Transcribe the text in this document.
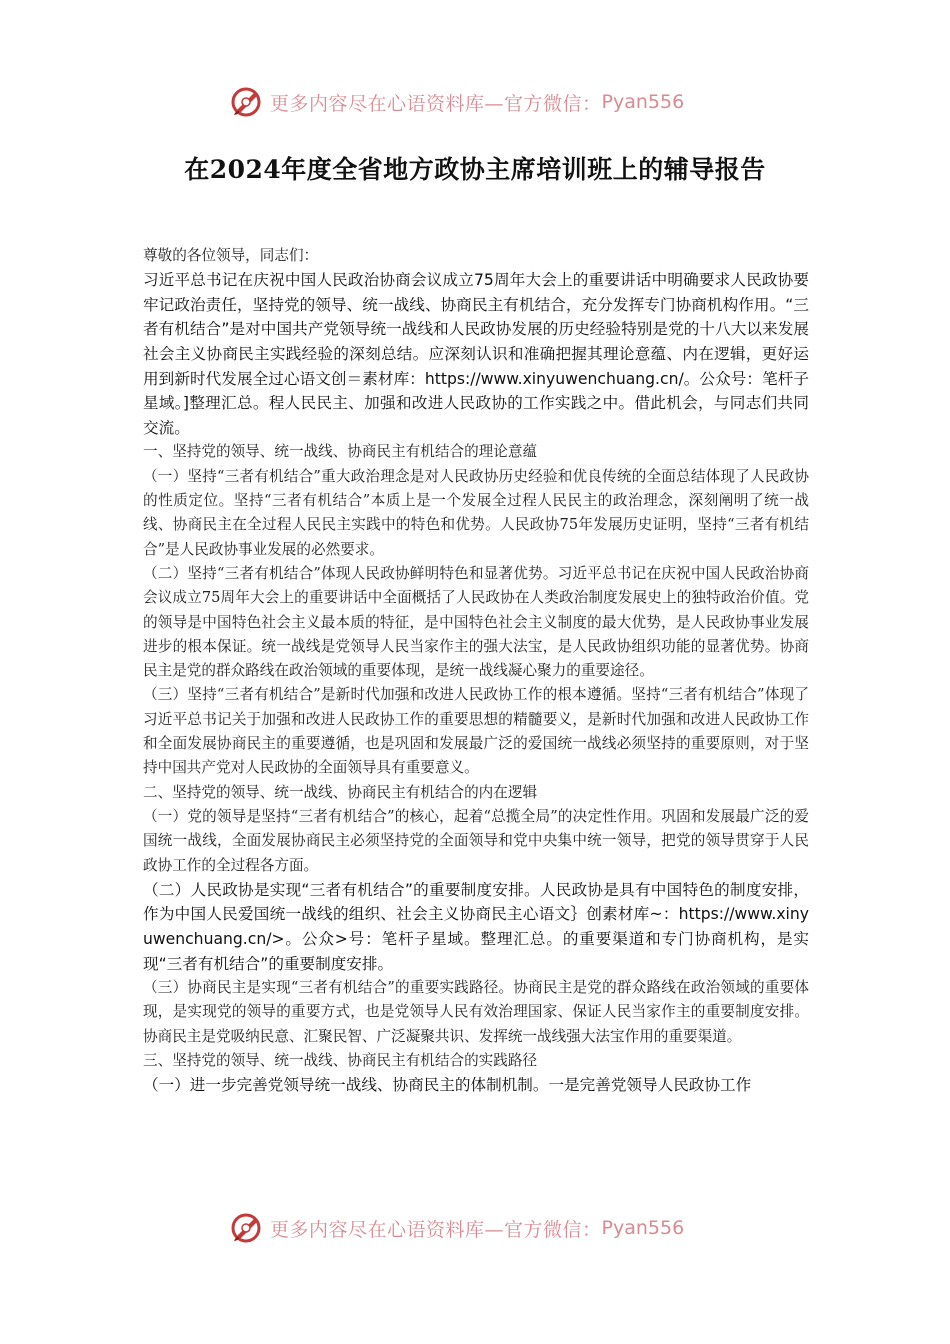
更多内容尽在心语资料库—官方微信： Pyan556
在2024年度全省地方政协主席培训班上的辅导报告

尊敬的各位领导，同志们：

习近平总书记在庆祝中国人民政治协商会议成立75周年大会上的重要讲话中明确要求人民政协要牢记政治责任，坚持党的领导、统一战线、协商民主有机结合，充分发挥专门协商机构作用。“三者有机结合”是对中国共产党领导统一战线和人民政协发展的历史经验特别是党的十八大以来发展社会主义协商民主实践经验的深刻总结。应深刻认识和准确把握其理论意蕴、内在逻辑，更好运用到新时代发展全过心语文创＝素材库：https://www.xinyuwenchuang.cn/。公众号：笔杆子星域。]整理汇总。程人民民主、加强和改进人民政协的工作实践之中。借此机会，与同志们共同交流。

一、坚持党的领导、统一战线、协商民主有机结合的理论意蕴

（一）坚持“三者有机结合”重大政治理念是对人民政协历史经验和优良传统的全面总结体现了人民政协的性质定位。坚持“三者有机结合”本质上是一个发展全过程人民民主的政治理念，深刻阐明了统一战线、协商民主在全过程人民民主实践中的特色和优势。人民政协75年发展历史证明，坚持“三者有机结合”是人民政协事业发展的必然要求。

（二）坚持“三者有机结合”体现人民政协鲜明特色和显著优势。习近平总书记在庆祝中国人民政治协商会议成立75周年大会上的重要讲话中全面概括了人民政协在人类政治制度发展史上的独特政治价值。党的领导是中国特色社会主义最本质的特征，是中国特色社会主义制度的最大优势，是人民政协事业发展进步的根本保证。统一战线是党领导人民当家作主的强大法宝，是人民政协组织功能的显著优势。协商民主是党的群众路线在政治领域的重要体现，是统一战线凝心聚力的重要途径。

（三）坚持“三者有机结合”是新时代加强和改进人民政协工作的根本遵循。坚持“三者有机结合”体现了习近平总书记关于加强和改进人民政协工作的重要思想的精髓要义，是新时代加强和改进人民政协工作和全面发展协商民主的重要遵循，也是巩固和发展最广泛的爱国统一战线必须坚持的重要原则，对于坚持中国共产党对人民政协的全面领导具有重要意义。

二、坚持党的领导、统一战线、协商民主有机结合的内在逻辑

（一）党的领导是坚持“三者有机结合”的核心，起着“总揽全局”的决定性作用。巩固和发展最广泛的爱国统一战线，全面发展协商民主必须坚持党的全面领导和党中央集中统一领导，把党的领导贯穿于人民政协工作的全过程各方面。

（二）人民政协是实现“三者有机结合”的重要制度安排。人民政协是具有中国特色的制度安排，作为中国人民爱国统一战线的组织、社会主义协商民主心语文｝创素材库~：https://www.xinyuwenchuang.cn/>。公众>号：笔杆子星域。整理汇总。的重要渠道和专门协商机构，是实现“三者有机结合”的重要制度安排。

（三）协商民主是实现“三者有机结合”的重要实践路径。协商民主是党的群众路线在政治领域的重要体现，是实现党的领导的重要方式，也是党领导人民有效治理国家、保证人民当家作主的重要制度安排。协商民主是党吸纳民意、汇聚民智、广泛凝聚共识、发挥统一战线强大法宝作用的重要渠道。

三、坚持党的领导、统一战线、协商民主有机结合的实践路径

（一）进一步完善党领导统一战线、协商民主的体制机制。一是完善党领导人民政协工作

更多内容尽在心语资料库—官方微信： Pyan556
